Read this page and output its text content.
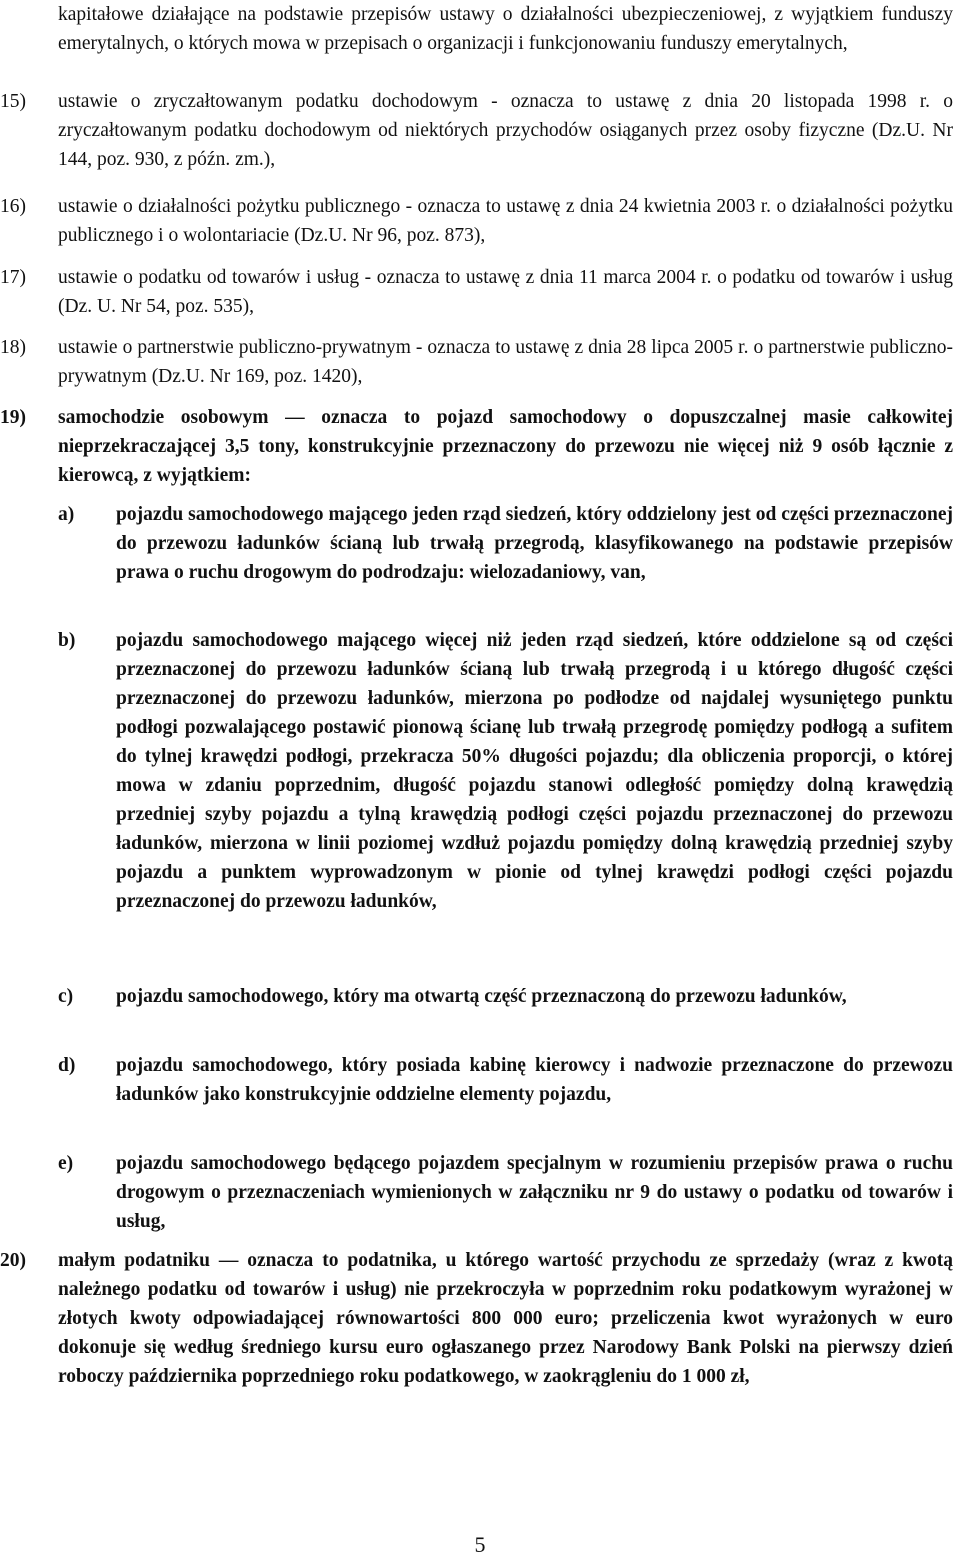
kapitałowe działające na podstawie przepisów ustawy o działalności ubezpieczeniowej, z wyjątkiem funduszy emerytalnych, o których mowa w przepisach o organizacji i funkcjonowaniu funduszy emerytalnych,

15) ustawie o zryczałtowanym podatku dochodowym - oznacza to ustawę z dnia 20 listopada 1998 r. o zryczałtowanym podatku dochodowym od niektórych przychodów osiąganych przez osoby fizyczne (Dz.U. Nr 144, poz. 930, z późn. zm.),

16) ustawie o działalności pożytku publicznego - oznacza to ustawę z dnia 24 kwietnia 2003 r. o działalności pożytku publicznego i o wolontariacie (Dz.U. Nr 96, poz. 873),

17) ustawie o podatku od towarów i usług - oznacza to ustawę z dnia 11 marca 2004 r. o podatku od towarów i usług (Dz. U. Nr 54, poz. 535),

18) ustawie o partnerstwie publiczno-prywatnym - oznacza to ustawę z dnia 28 lipca 2005 r. o partnerstwie publiczno-prywatnym (Dz.U. Nr 169, poz. 1420),

19) samochodzie osobowym — oznacza to pojazd samochodowy o dopuszczalnej masie całkowitej nieprzekraczającej 3,5 tony, konstrukcyjnie przeznaczony do przewozu nie więcej niż 9 osób łącznie z kierowcą, z wyjątkiem:

a) pojazdu samochodowego mającego jeden rząd siedzeń, który oddzielony jest od części przeznaczonej do przewozu ładunków ścianą lub trwałą przegrodą, klasyfikowanego na podstawie przepisów prawa o ruchu drogowym do podrodzaju: wielozadaniowy, van,

b) pojazdu samochodowego mającego więcej niż jeden rząd siedzeń, które oddzielone są od części przeznaczonej do przewozu ładunków ścianą lub trwałą przegrodą i u którego długość części przeznaczonej do przewozu ładunków, mierzona po podłodze od najdalej wysuniętego punktu podłogi pozwalającego postawić pionową ścianę lub trwałą przegrodę pomiędzy podłogą a sufitem do tylnej krawędzi podłogi, przekracza 50% długości pojazdu; dla obliczenia proporcji, o której mowa w zdaniu poprzednim, długość pojazdu stanowi odległość pomiędzy dolną krawędzią przedniej szyby pojazdu a tylną krawędzią podłogi części pojazdu przeznaczonej do przewozu ładunków, mierzona w linii poziomej wzdłuż pojazdu pomiędzy dolną krawędzią przedniej szyby pojazdu a punktem wyprowadzonym w pionie od tylnej krawędzi podłogi części pojazdu przeznaczonej do przewozu ładunków,

c) pojazdu samochodowego, który ma otwartą część przeznaczoną do przewozu ładunków,

d) pojazdu samochodowego, który posiada kabinę kierowcy i nadwozie przeznaczone do przewozu ładunków jako konstrukcyjnie oddzielne elementy pojazdu,

e) pojazdu samochodowego będącego pojazdem specjalnym w rozumieniu przepisów prawa o ruchu drogowym o przeznaczeniach wymienionych w załączniku nr 9 do ustawy o podatku od towarów i usług,

20) małym podatniku — oznacza to podatnika, u którego wartość przychodu ze sprzedaży (wraz z kwotą należnego podatku od towarów i usług) nie przekroczyła w poprzednim roku podatkowym wyrażonej w złotych kwoty odpowiadającej równowartości 800 000 euro; przeliczenia kwot wyrażonych w euro dokonuje się według średniego kursu euro ogłaszanego przez Narodowy Bank Polski na pierwszy dzień roboczy października poprzedniego roku podatkowego, w zaokrągleniu do 1 000 zł,

5
